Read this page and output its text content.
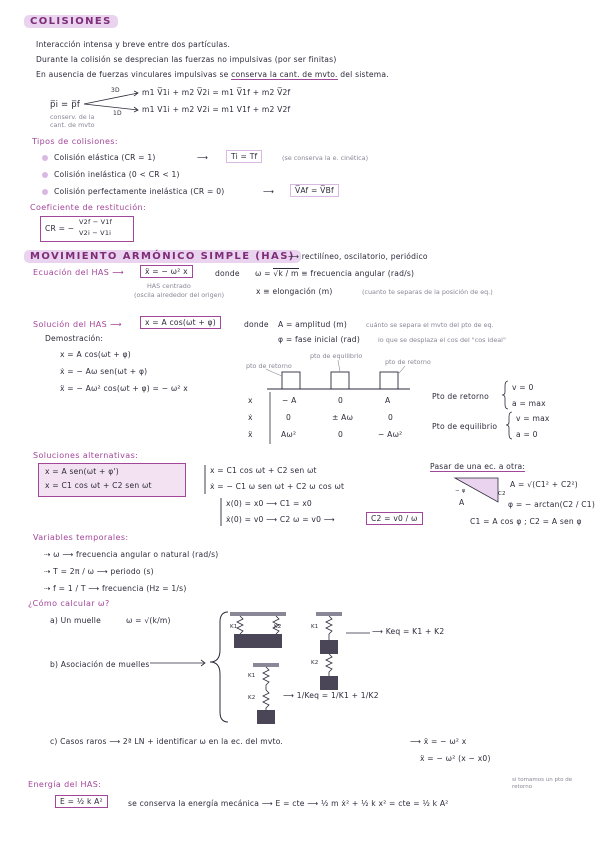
COLISIONES
Interacción intensa y breve entre dos partículas.
Durante la colisión se desprecian las fuerzas no impulsivas (por ser finitas)
En ausencia de fuerzas vinculares impulsivas se conserva la cant. de mvto. del sistema.
p̅i = p̅f
conserv. de la cant. de mvto
3D
1D
m1 V̅1i + m2 V̅2i = m1 V̅1f + m2 V̅2f
m1 V1i + m2 V2i = m1 V1f + m2 V2f
Tipos de colisiones:
Colisión elástica (CR = 1)	⟶	Ti = Tf	(se conserva la e. cinética)
Colisión inelástica (0 < CR < 1)
Colisión perfectamente inelástica (CR = 0)	⟶	V̅Af = V̅Bf
Coeficiente de restitución:
CR = −
V2f − V1f
V2i − V1i
MOVIMIENTO ARMÓNICO SIMPLE (HAS)
⟶ rectilíneo, oscilatorio, periódico
Ecuación del HAS ⟶	ẍ = − ω² x	donde ω = √k / m ≡ frecuencia angular (rad/s)
HAS centrado
(oscila alrededor del origen)	x ≡ elongación (m)	(cuanto te separas de la posición de eq.)
Solución del HAS ⟶	x = A cos(ωt + φ)	donde A = amplitud (m)	cuánto se separa el mvto del pto de eq.
φ = fase inicial (rad)	lo que se desplaza el cos del "cos ideal"
Demostración:
x = A cos(ωt + φ)
ẋ = − Aω sen(ωt + φ)
ẍ = − Aω² cos(ωt + φ) = − ω² x
pto de retorno
pto de equilibrio
pto de retorno
x	− A	0	A
ẋ	0	± Aω	0
ẍ	Aω²	0	− Aω²
Pto de retorno
v = 0
a = max
Pto de equilibrio
v = max
a = 0
Soluciones alternativas:
x = A sen(ωt + φ')
x = C1 cos ωt + C2 sen ωt
x = C1 cos ωt + C2 sen ωt
ẋ = − C1 ω sen ωt + C2 ω cos ωt
x(0) = x0 ⟶ C1 = x0
ẋ(0) = v0 ⟶ C2 ω = v0 ⟶	C2 = v0 / ω
Pasar de una ec. a otra:
C2
A
− φ
A = √(C1² + C2²)
φ = − arctan(C2 / C1)
C1 = A cos φ ; C2 = A sen φ
Variables temporales:
⇢ ω ⟶ frecuencia angular o natural (rad/s)
⇢ T = 2π / ω ⟶ periodo (s)
⇢ f = 1 / T ⟶ frecuencia (Hz = 1/s)
¿Cómo calcular ω?
a) Un muelle	ω = √(k/m)
b) Asociación de muelles
⟶ Keq = K1 + K2
⟶ 1/Keq = 1/K1 + 1/K2
c) Casos raros ⟶ 2ª LN + identificar ω en la ec. del mvto.	⟶ ẍ = − ω² x
ẍ = − ω² (x − x0)
K1	K2	K1
K2
K1
K2
Energía del HAS:
E = ½ k A²	se conserva la energía mecánica ⟶ E = cte ⟶ ½ m ẋ² + ½ k x² = cte = ½ k A²
si tomamos un pto de retorno
